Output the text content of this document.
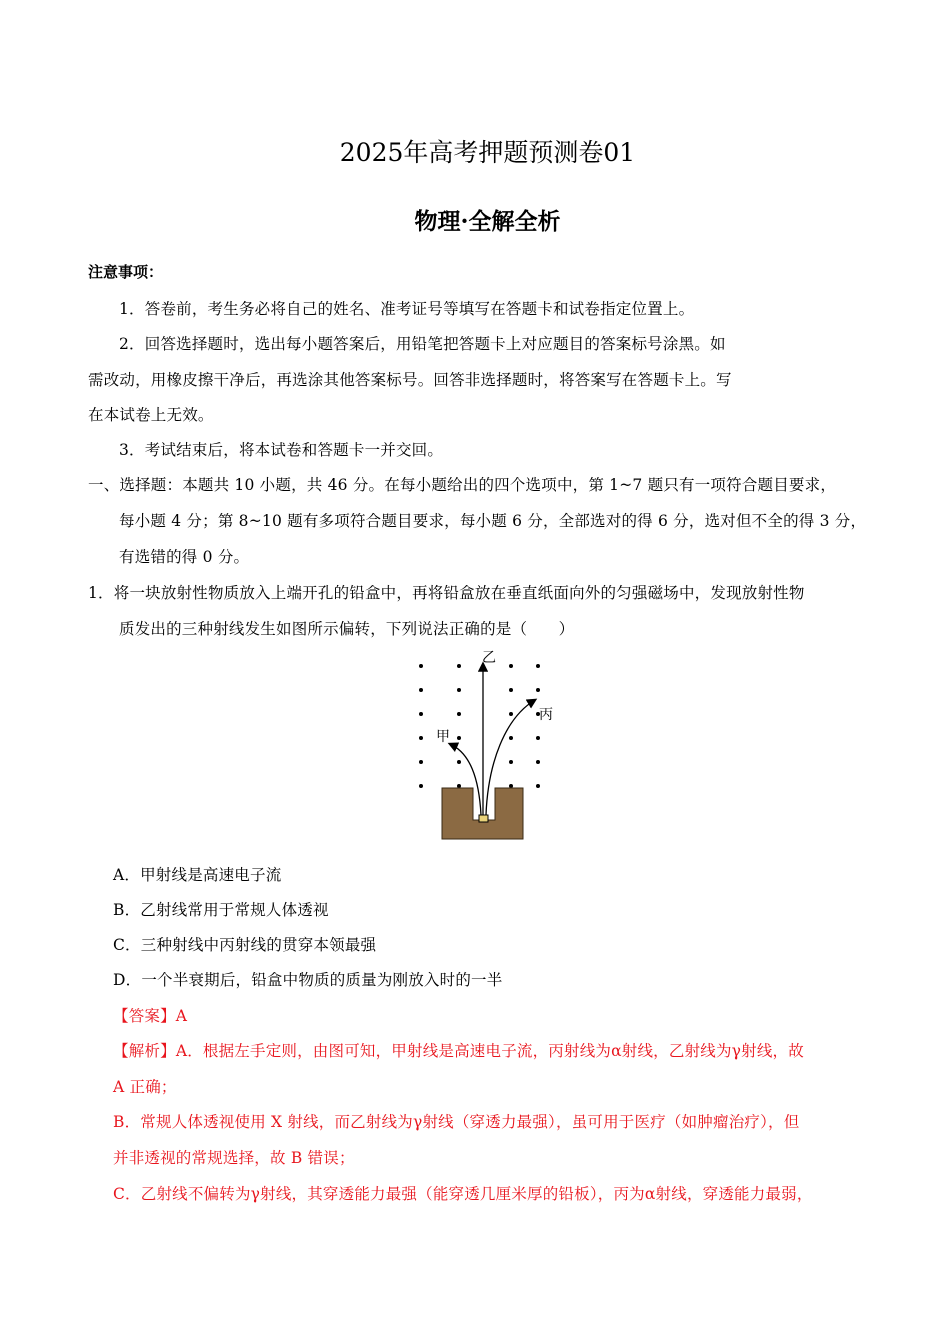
2025年高考押题预测卷01
物理·全解全析
注意事项：
1．答卷前，考生务必将自己的姓名、准考证号等填写在答题卡和试卷指定位置上。
2．回答选择题时，选出每小题答案后，用铅笔把答题卡上对应题目的答案标号涂黑。如
需改动，用橡皮擦干净后，再选涂其他答案标号。回答非选择题时，将答案写在答题卡上。写
在本试卷上无效。
3．考试结束后，将本试卷和答题卡一并交回。
一、选择题：本题共 10 小题，共 46 分。在每小题给出的四个选项中，第 1~7 题只有一项符合题目要求，
每小题 4 分；第 8~10 题有多项符合题目要求，每小题 6 分，全部选对的得 6 分，选对但不全的得 3 分，
有选错的得 0 分。
1．将一块放射性物质放入上端开孔的铅盒中，再将铅盒放在垂直纸面向外的匀强磁场中，发现放射性物
质发出的三种射线发生如图所示偏转，下列说法正确的是（　　）
乙
丙
甲
A．甲射线是高速电子流
B．乙射线常用于常规人体透视
C．三种射线中丙射线的贯穿本领最强
D．一个半衰期后，铅盒中物质的质量为刚放入时的一半
【答案】A
【解析】A．根据左手定则，由图可知，甲射线是高速电子流，丙射线为α射线，乙射线为γ射线，故
A 正确；
B．常规人体透视使用 X 射线，而乙射线为γ射线（穿透力最强），虽可用于医疗（如肿瘤治疗），但
并非透视的常规选择，故 B 错误；
C．乙射线不偏转为γ射线，其穿透能力最强（能穿透几厘米厚的铅板），丙为α射线，穿透能力最弱，
